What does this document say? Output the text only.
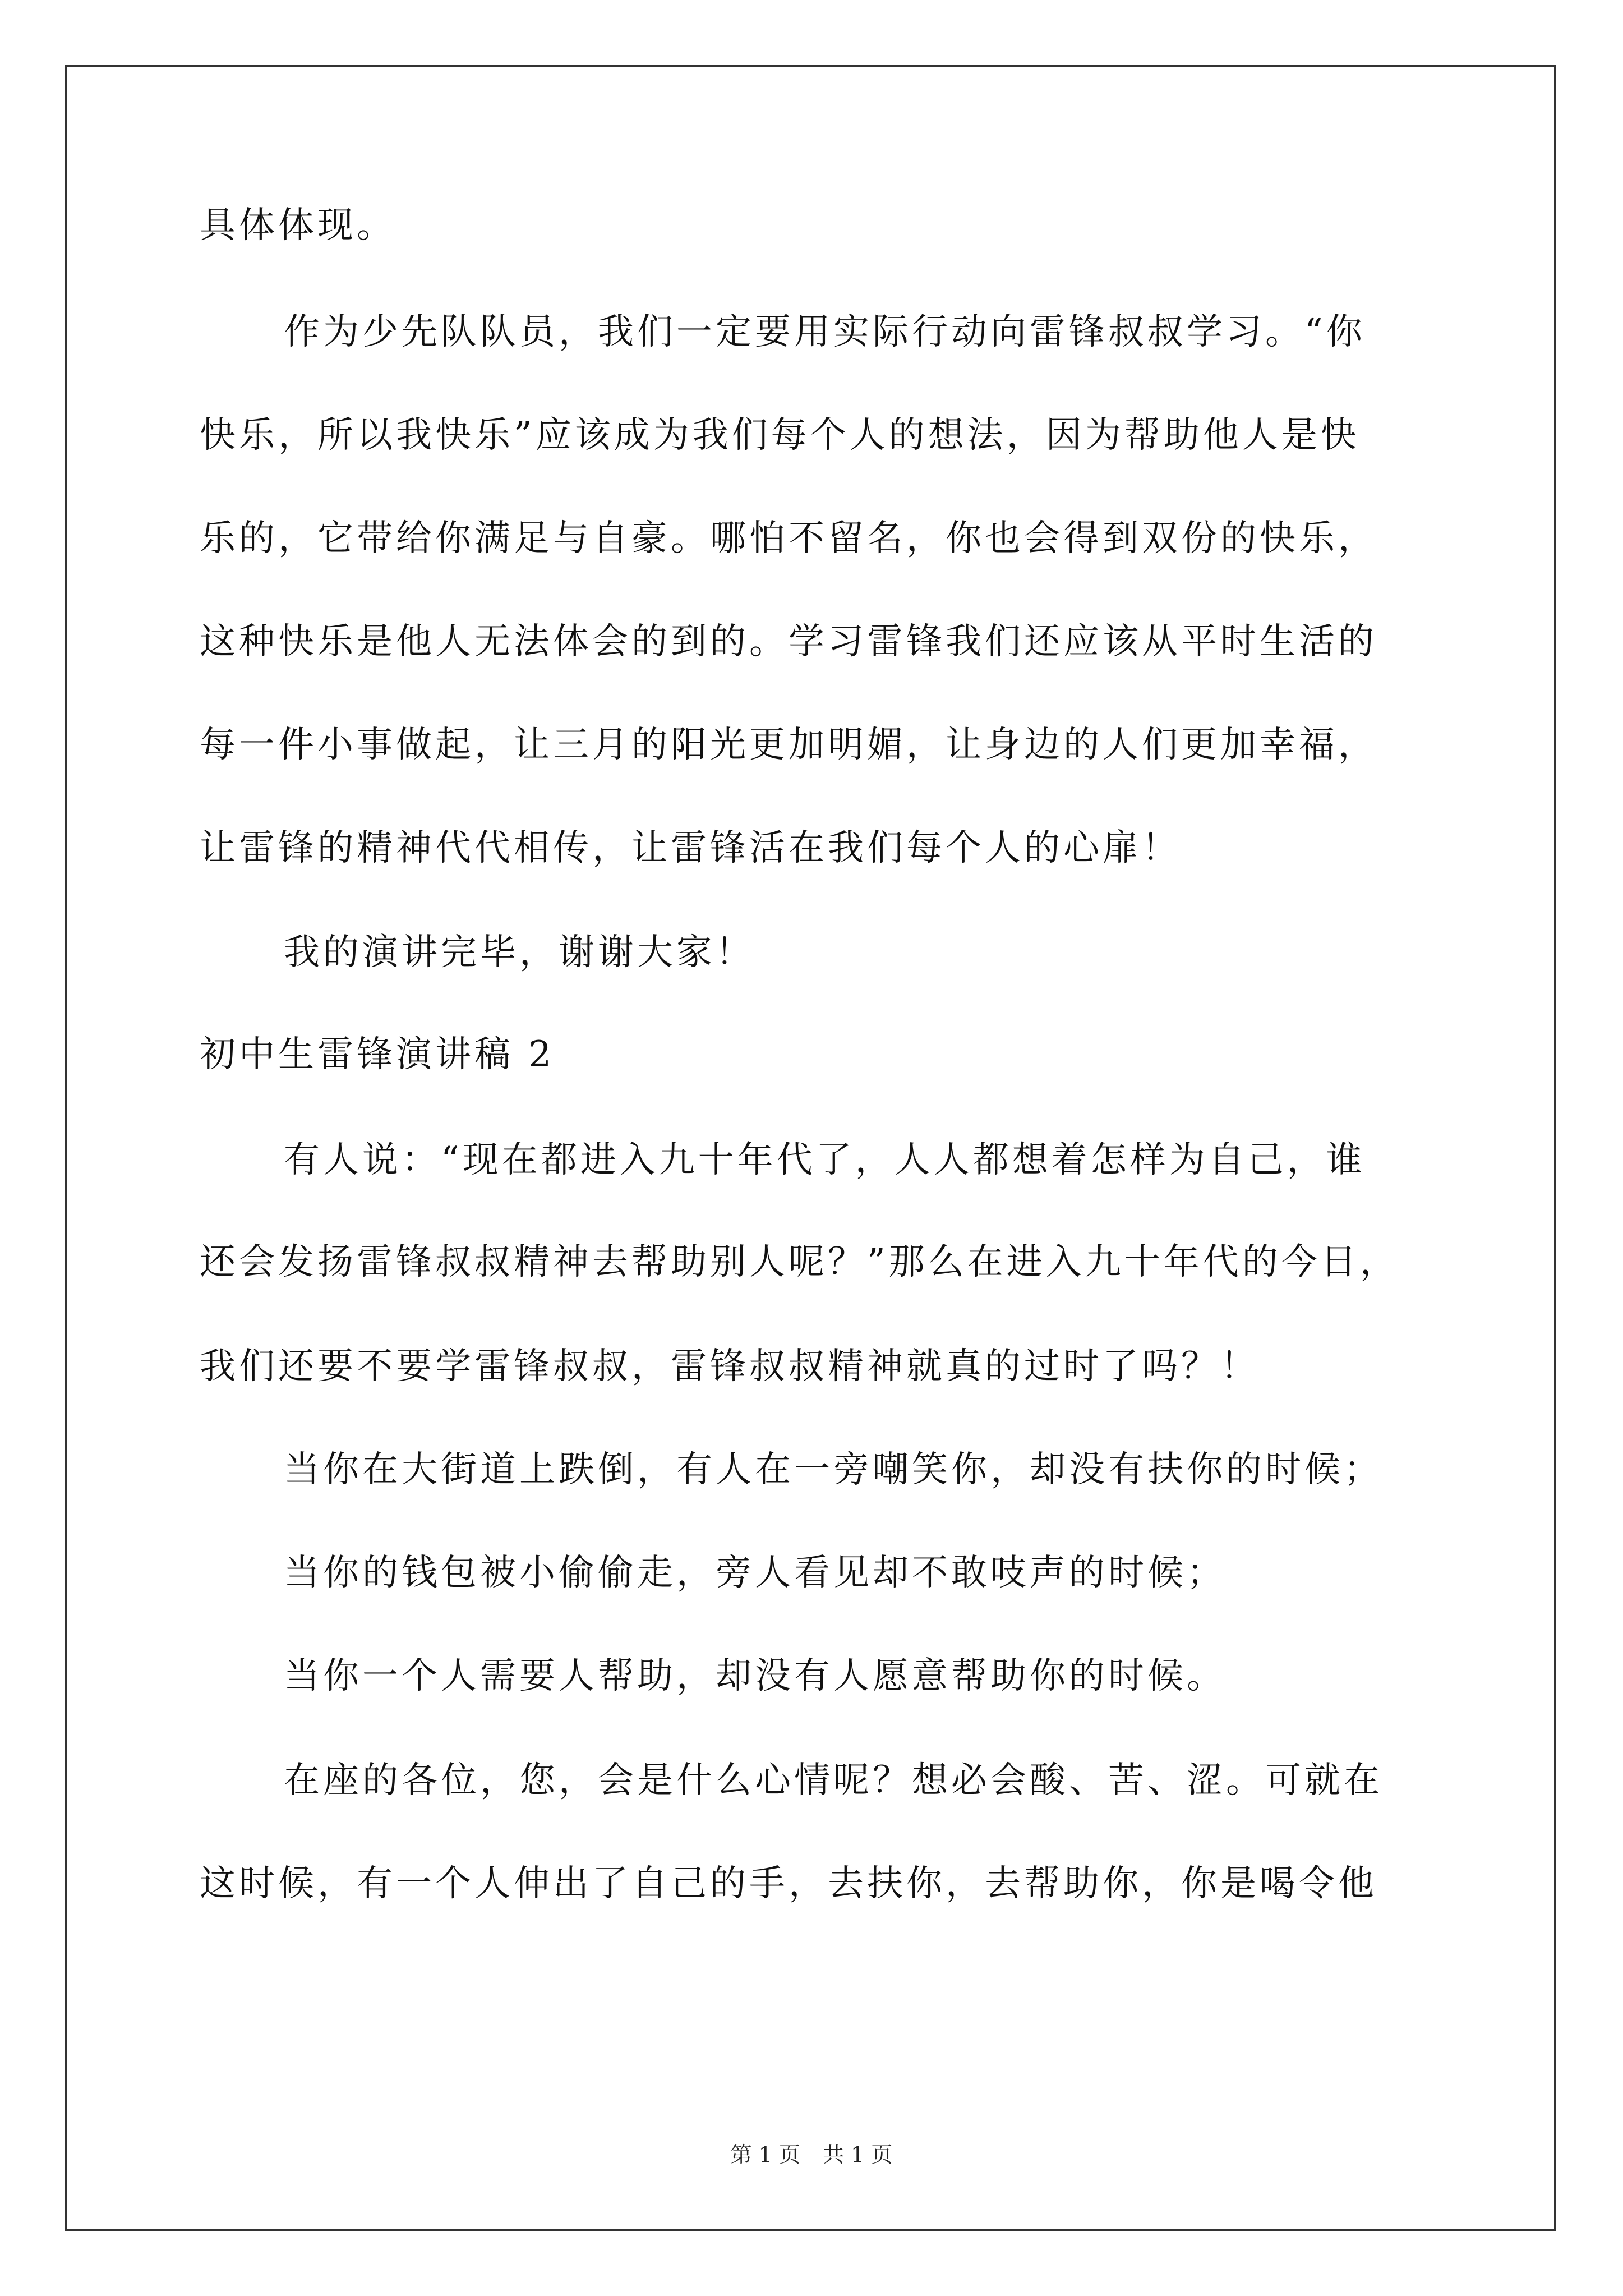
具体体现。
作为少先队队员，我们一定要用实际行动向雷锋叔叔学习。“你
快乐，所以我快乐”应该成为我们每个人的想法，因为帮助他人是快
乐的，它带给你满足与自豪。哪怕不留名，你也会得到双份的快乐，
这种快乐是他人无法体会的到的。学习雷锋我们还应该从平时生活的
每一件小事做起，让三月的阳光更加明媚，让身边的人们更加幸福，
让雷锋的精神代代相传，让雷锋活在我们每个人的心扉！
我的演讲完毕，谢谢大家！
初中生雷锋演讲稿 2
有人说：“现在都进入九十年代了，人人都想着怎样为自己，谁
还会发扬雷锋叔叔精神去帮助别人呢？”那么在进入九十年代的今日，
我们还要不要学雷锋叔叔，雷锋叔叔精神就真的过时了吗？！
当你在大街道上跌倒，有人在一旁嘲笑你，却没有扶你的时候；
当你的钱包被小偷偷走，旁人看见却不敢吱声的时候；
当你一个人需要人帮助，却没有人愿意帮助你的时候。
在座的各位，您，会是什么心情呢？想必会酸、苦、涩。可就在
这时候，有一个人伸出了自己的手，去扶你，去帮助你，你是喝令他
第 1 页 共 1 页
